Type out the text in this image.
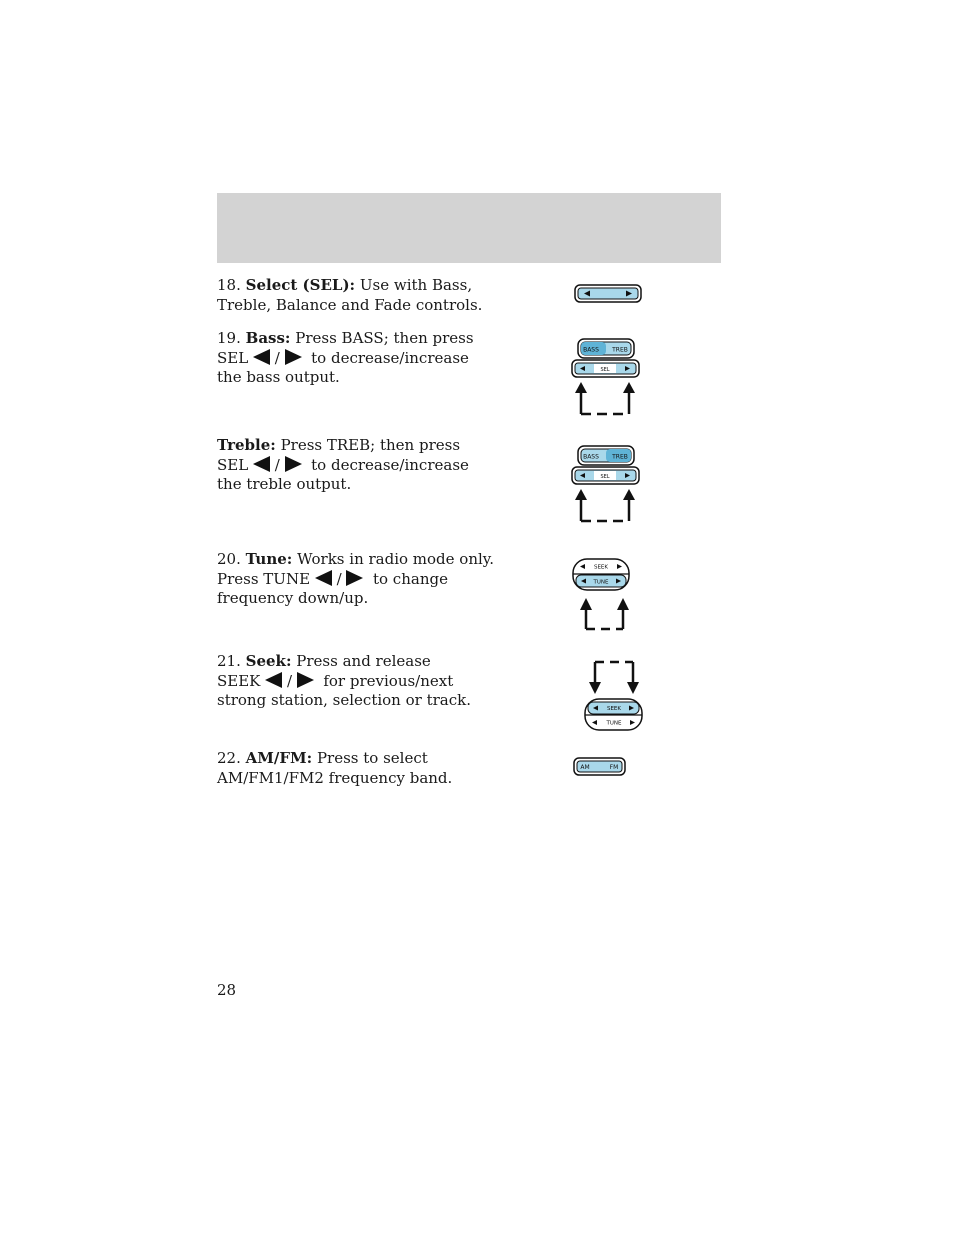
18. Select (SEL): Use with Bass, Treble, Balance and Fade controls.

19. Bass: Press BASS; then press
SEL / to decrease/increase
the bass output.

Treble: Press TREB; then press
SEL / to decrease/increase
the treble output.

20. Tune: Works in radio mode only.
Press TUNE / to change
frequency down/up.

21. Seek: Press and release
SEEK / for previous/next
strong station, selection or track.

22. AM/FM: Press to select AM/FM1/FM2 frequency band.

BASS TREB
SEL
BASS TREB
SEL
SEEK
TUNE
SEEK
TUNE
AM	FM
28
